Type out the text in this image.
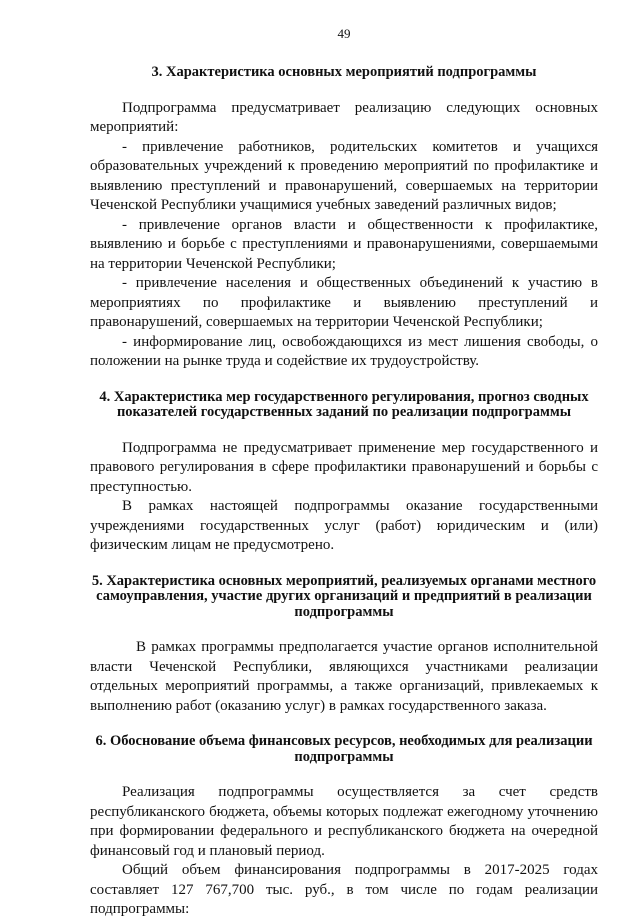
49
3. Характеристика основных мероприятий подпрограммы

Подпрограмма предусматривает реализацию следующих основных мероприятий:

- привлечение работников, родительских комитетов и учащихся образовательных учреждений к проведению мероприятий по профилактике и выявлению преступлений и правонарушений, совершаемых на территории Чеченской Республики учащимися учебных заведений различных видов;

- привлечение органов власти и общественности к профилактике, выявлению и борьбе с преступлениями и правонарушениями, совершаемыми на территории Чеченской Республики;

- привлечение населения и общественных объединений к участию в мероприятиях по профилактике и выявлению преступлений и правонарушений, совершаемых на территории Чеченской Республики;

- информирование лиц, освобождающихся из мест лишения свободы, о положении на рынке труда и содействие их трудоустройству.

4. Характеристика мер государственного регулирования, прогноз сводных показателей государственных заданий по реализации подпрограммы

Подпрограмма не предусматривает применение мер государственного и правового регулирования в сфере профилактики правонарушений и борьбы с преступностью.

В рамках настоящей подпрограммы оказание государственными учреждениями государственных услуг (работ) юридическим и (или) физическим лицам не предусмотрено.

5. Характеристика основных мероприятий, реализуемых органами местного самоуправления, участие других организаций и предприятий в реализации подпрограммы

В рамках программы предполагается участие органов исполнительной власти Чеченской Республики, являющихся участниками реализации отдельных мероприятий программы, а также организаций, привлекаемых к выполнению работ (оказанию услуг) в рамках государственного заказа.

6. Обоснование объема финансовых ресурсов, необходимых для реализации подпрограммы

Реализация подпрограммы осуществляется за счет средств республиканского бюджета, объемы которых подлежат ежегодному уточнению при формировании федерального и республиканского бюджета на очередной финансовый год и плановый период.

Общий объем финансирования подпрограммы в 2017-2025 годах составляет 127 767,700 тыс. руб., в том числе по годам реализации подпрограммы:
